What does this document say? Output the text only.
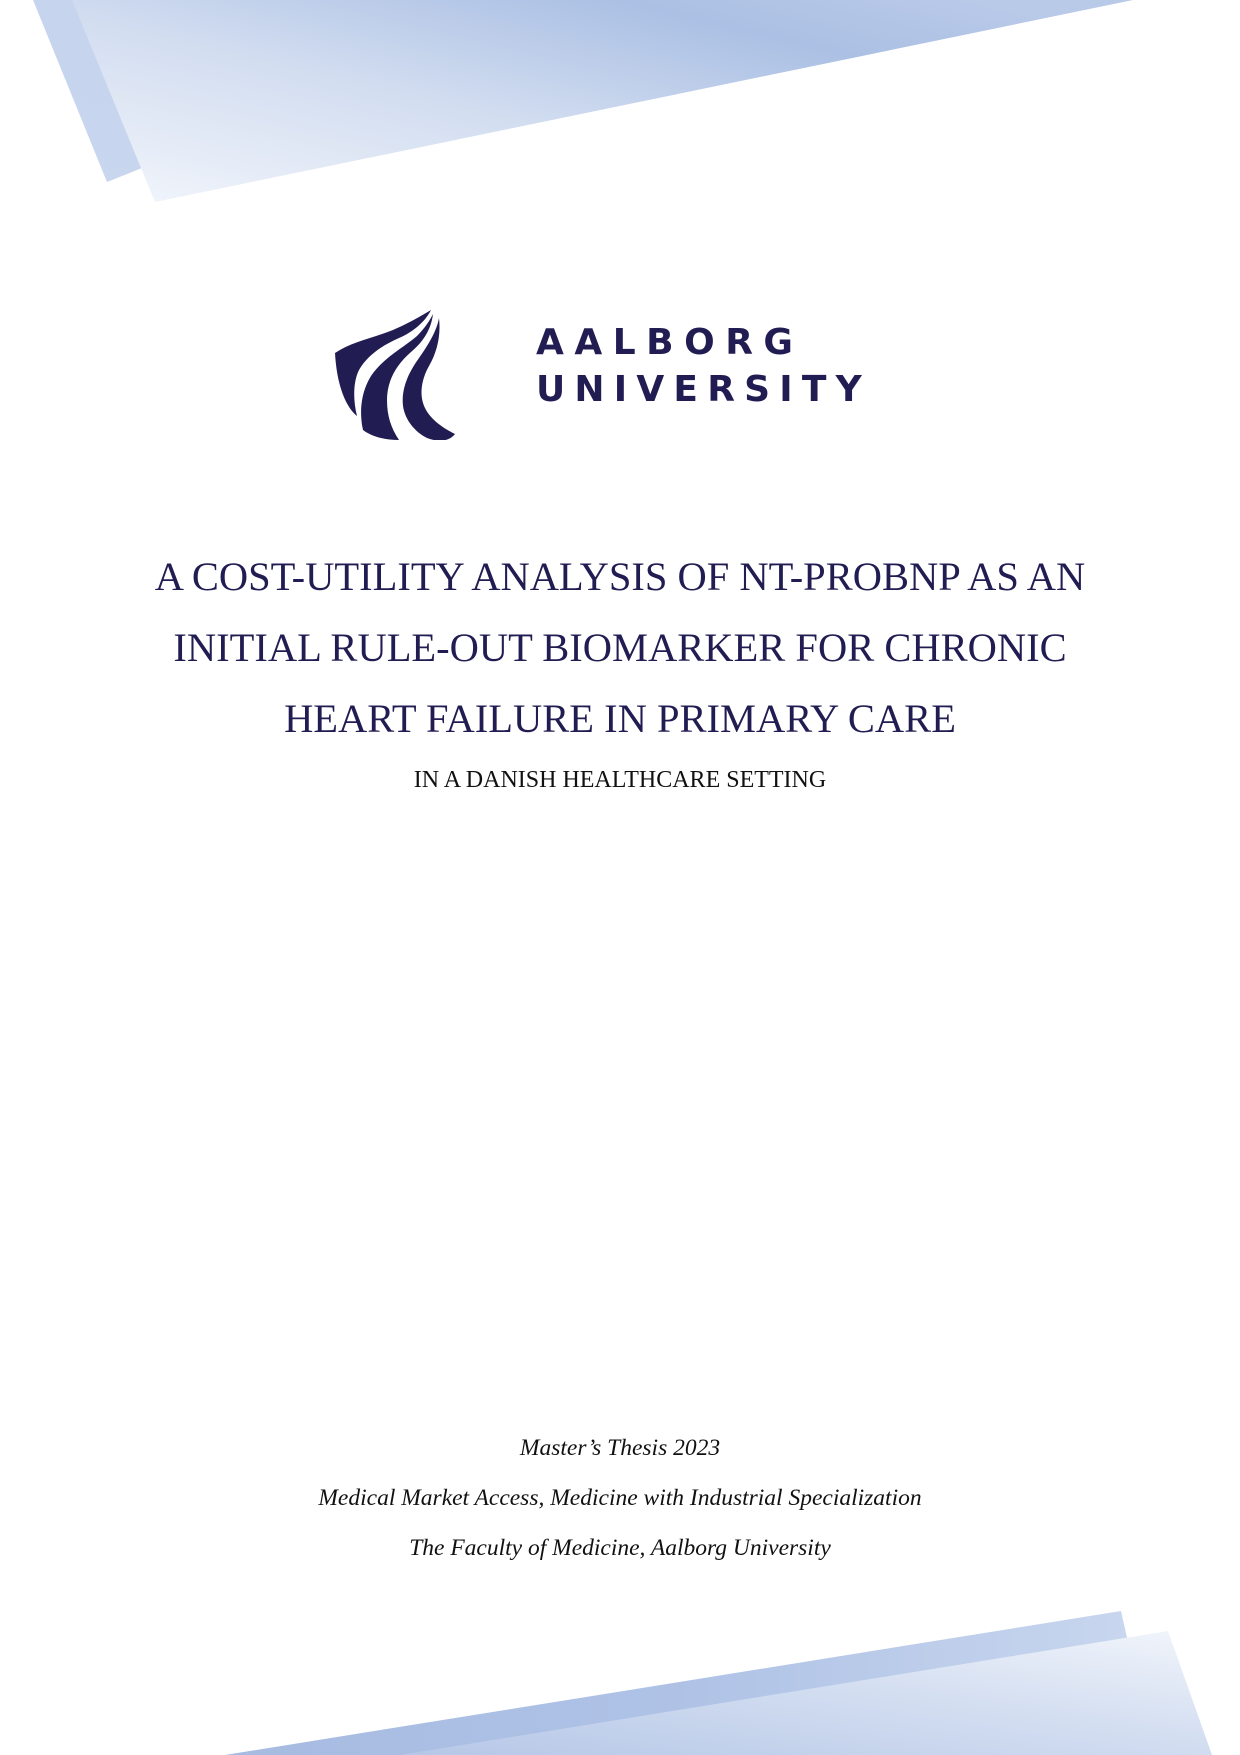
AALBORG
UNIVERSITY
A COST-UTILITY ANALYSIS OF NT-PROBNP AS AN
INITIAL RULE-OUT BIOMARKER FOR CHRONIC
HEART FAILURE IN PRIMARY CARE
IN A DANISH HEALTHCARE SETTING
Master’s Thesis 2023
Medical Market Access, Medicine with Industrial Specialization
The Faculty of Medicine, Aalborg University
